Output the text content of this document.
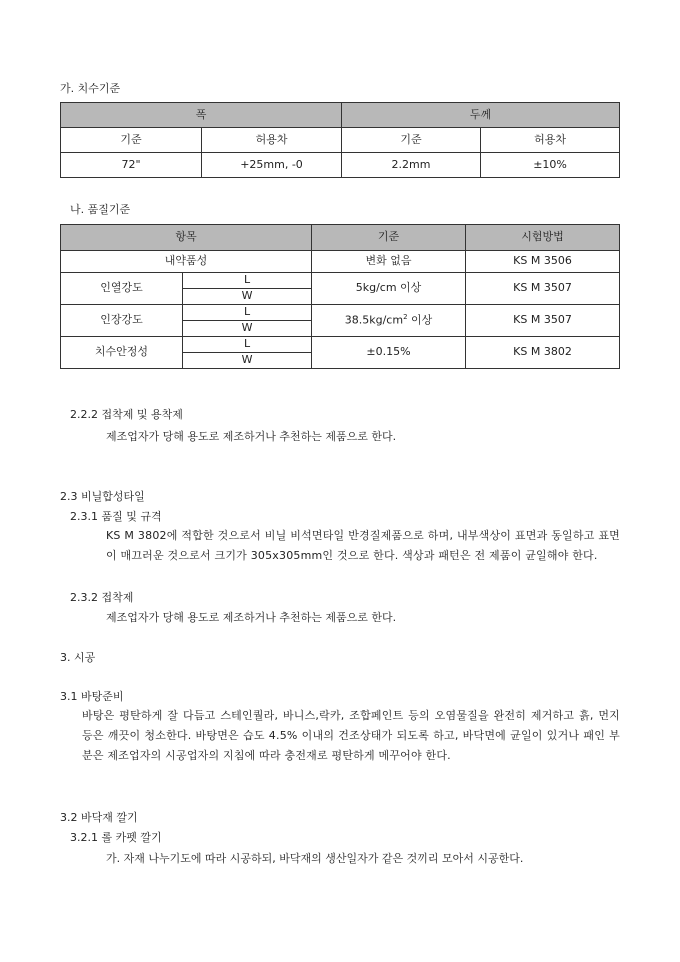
가. 치수기준
폭		두께	
기준	허용차	기준	허용차
72"	+25mm, -0	2.2mm	±10%
나. 품질기준
항목		기준	시험방법
내약품성		변화 없음	KS M 3506
인열강도	L	5kg/cm 이상	KS M 3507
	W		
인장강도	L	$38.5kg/cm^2$ 이상	KS M 3507
	W		
치수안정성	L	±0.15%	KS M 3802
	W		
2.2.2 접착제 및 용착제
제조업자가 당해 용도로 제조하거나 추천하는 제품으로 한다.
2.3 비닐합성타일
2.3.1 품질 및 규격
KS M 3802에 적합한 것으로서 비닐 비석면타일 반경질제품으로 하며, 내부색상이 표면과 동일하고 표면이 매끄러운 것으로서 크기가 305x305mm인 것으로 한다. 색상과 패턴은 전 제품이 균일해야 한다.
2.3.2 접착제
제조업자가 당해 용도로 제조하거나 추천하는 제품으로 한다.
3. 시공
3.1 바탕준비
바탕은 평탄하게 잘 다듬고 스테인퀄라, 바니스,락카, 조합페인트 등의 오염물질을 완전히 제거하고 흙, 먼지 등은 깨끗이 청소한다. 바탕면은 습도 4.5% 이내의 건조상태가 되도록 하고, 바닥면에 균일이 있거나 패인 부분은 제조업자의 시공업자의 지침에 따라 충전재로 평탄하게 메꾸어야 한다.
3.2 바닥재 깔기
3.2.1 롤 카펫 깔기
가. 자재 나누기도에 따라 시공하되, 바닥재의 생산일자가 같은 것끼리 모아서 시공한다.
